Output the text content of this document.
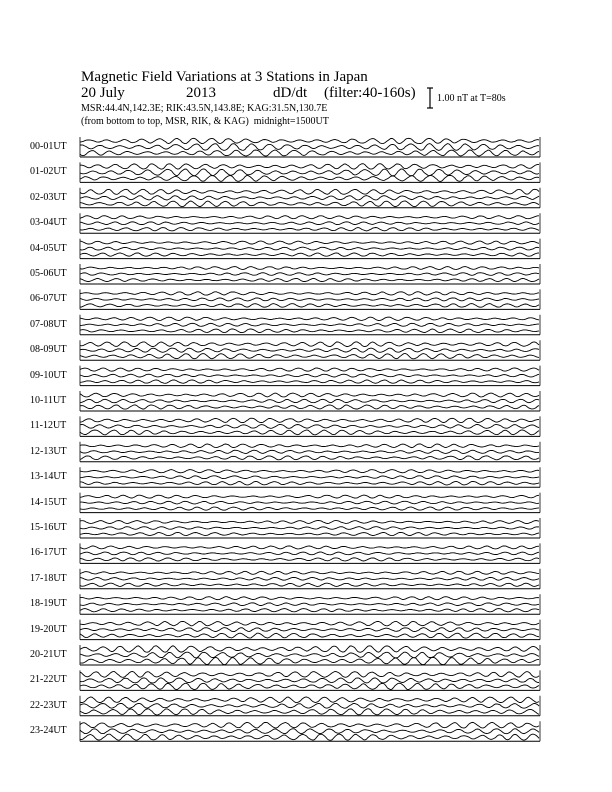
Magnetic Field Variations at 3 Stations in Japan
20 July	2013	dD/dt (filter:40-160s)
MSR:44.4N,142.3E; RIK:43.5N,143.8E; KAG:31.5N,130.7E
(from bottom to top, MSR, RIK, & KAG) midnight=1500UT
1.00 nT at T=80s
00-01UT
01-02UT
02-03UT
03-04UT
04-05UT
05-06UT
06-07UT
07-08UT
08-09UT
09-10UT
10-11UT
11-12UT
12-13UT
13-14UT
14-15UT
15-16UT
16-17UT
17-18UT
18-19UT
19-20UT
20-21UT
21-22UT
22-23UT
23-24UT
